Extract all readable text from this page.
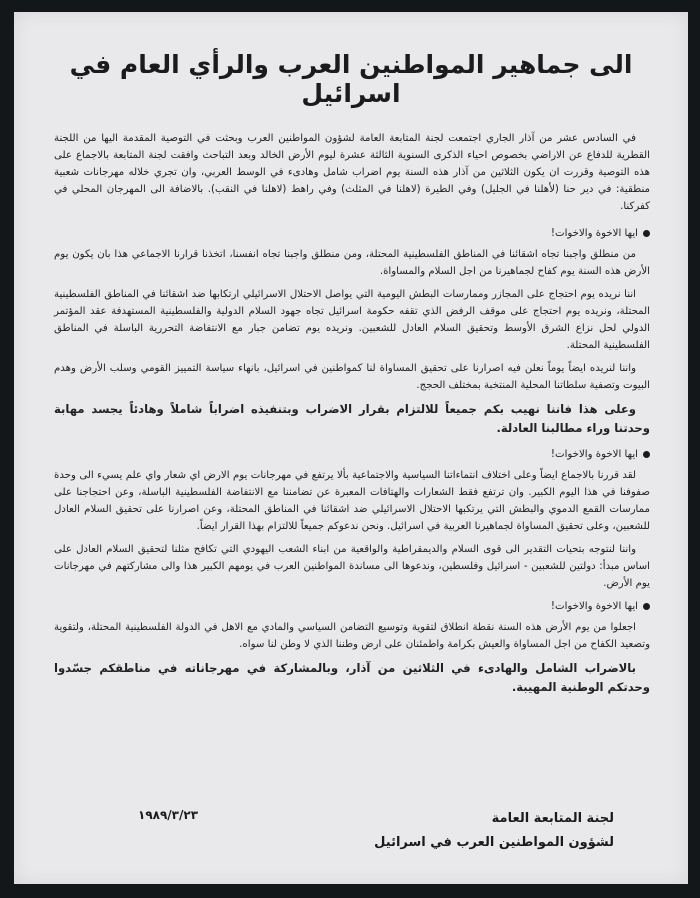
الى جماهير المواطنين العرب والرأي العام في اسرائيل

في السادس عشر من آذار الجاري اجتمعت لجنة المتابعة العامة لشؤون المواطنين العرب وبحثت في التوصية المقدمة اليها من اللجنة القطرية للدفاع عن الاراضي بخصوص احياء الذكرى السنوية الثالثة عشرة ليوم الأرض الخالد وبعد التباحث وافقت لجنة المتابعة بالاجماع على هذه التوصية وقررت ان يكون الثلاثين من آذار هذه السنة يوم اضراب شامل وهادىء في الوسط العربي، وان تجري خلاله مهرجانات شعبية منطقية: في دير حنا (لأهلنا في الجليل) وفي الطيرة (لاهلنا في المثلث) وفي راهط (لاهلنا في النقب). بالاضافة الى المهرجان المحلي في كفركنا.

ايها الاخوة والاخوات!

من منطلق واجبنا تجاه اشقائنا في المناطق الفلسطينية المحتلة، ومن منطلق واجبنا تجاه انفسنا، اتخذنا قرارنا الاجماعي هذا بان يكون يوم الأرض هذه السنة يوم كفاح لجماهيرنا من اجل السلام والمساواة.

اننا نريده يوم احتجاج على المجازر وممارسات البطش اليومية التي يواصل الاحتلال الاسرائيلي ارتكابها ضد اشقائنا في المناطق الفلسطينية المحتلة، ونريده يوم احتجاج على موقف الرفض الذي تقفه حكومة اسرائيل تجاه جهود السلام الدولية والفلسطينية المستهدفة عقد المؤتمر الدولي لحل نزاع الشرق الأوسط وتحقيق السلام العادل للشعبين. ونريده يوم تضامن جبار مع الانتفاضة التحررية الباسلة في المناطق الفلسطينية المحتلة.

واننا لنريده ايضاً يوماً نعلن فيه اصرارنا على تحقيق المساواة لنا كمواطنين في اسرائيل، بانهاء سياسة التمييز القومي وسلب الأرض وهدم البيوت وتصفية سلطاتنا المحلية المنتخبة بمختلف الحجج.

وعلى هذا فاننا نهيب بكم جميعاً للالتزام بقرار الاضراب وبتنفيذه اضراباً شاملاً وهادئاً يجسد مهابة وحدتنا وراء مطالبنا العادلة.

ايها الاخوة والاخوات!

لقد قررنا بالاجماع ايضاً وعلى اختلاف انتماءاتنا السياسية والاجتماعية بألا يرتفع في مهرجانات يوم الارض اي شعار واي علم يسيء الى وحدة صفوفنا في هذا اليوم الكبير. وان ترتفع فقط الشعارات والهتافات المعبرة عن تضامننا مع الانتفاضة الفلسطينية الباسلة، وعن احتجاجنا على ممارسات القمع الدموي والبطش التي يرتكبها الاحتلال الاسرائيلي ضد اشقائنا في المناطق المحتلة، وعن اصرارنا على تحقيق السلام العادل للشعبين، وعلى تحقيق المساواة لجماهيرنا العربية في اسرائيل. ونحن ندعوكم جميعاً للالتزام بهذا القرار ايضاً.

واننا لنتوجه بتحيات التقدير الى قوى السلام والديمقراطية والواقعية من ابناء الشعب اليهودي التي تكافح مثلنا لتحقيق السلام العادل على اساس مبدأ: دولتين للشعبين - اسرائيل وفلسطين، وندعوها الى مساندة المواطنين العرب في يومهم الكبير هذا والى مشاركتهم في مهرجانات يوم الأرض.

ايها الاخوة والاخوات!

اجعلوا من يوم الأرض هذه السنة نقطة انطلاق لتقوية وتوسيع التضامن السياسي والمادي مع الاهل في الدولة الفلسطينية المحتلة، ولتقوية وتصعيد الكفاح من اجل المساواة والعيش بكرامة واطمئنان على ارض وطننا الذي لا وطن لنا سواه.

بالاضراب الشامل والهادىء في الثلاثين من آذار، وبالمشاركة في مهرجاناته في مناطقكم جسّدوا وحدتكم الوطنية المهيبة.

١٩٨٩/٣/٢٣	لجنة المتابعة العامة
لشؤون المواطنين العرب في اسرائيل
